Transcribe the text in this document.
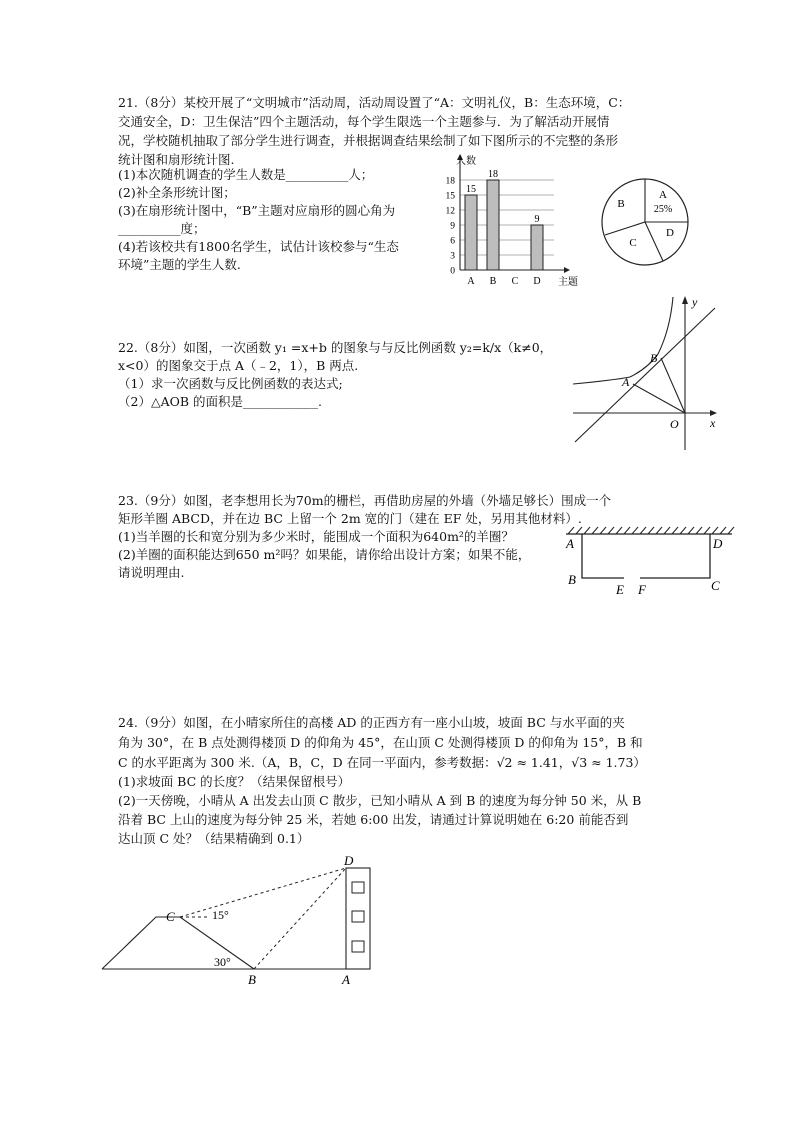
21.（8分）某校开展了“文明城市”活动周，活动周设置了“A：文明礼仪，B：生态环境，C：
交通安全，D：卫生保洁”四个主题活动，每个学生限选一个主题参与．为了解活动开展情
况，学校随机抽取了部分学生进行调查，并根据调查结果绘制了如下图所示的不完整的条形
统计图和扇形统计图.
(1)本次随机调查的学生人数是__________人；
(2)补全条形统计图；
(3)在扇形统计图中，“B”主题对应扇形的圆心角为
__________度；
(4)若该校共有1800名学生，试估计该校参与“生态
环境”主题的学生人数.	0
3
6
9
12
15
18
人数
主题
15
A
18
B C
9
D
A
25%
B
C
D
22.（8分）如图，一次函数 y₁ =x+b 的图象与与反比例函数 y₂=k/x（k≠0，
x<0）的图象交于点 A（﹣2，1），B 两点.
（1）求一次函数与反比例函数的表达式;
（2）△AOB 的面积是____________.
y
x
O
A
B
23.（9分）如图，老李想用长为70m的栅栏，再借助房屋的外墙（外墙足够长）围成一个
矩形羊圈 ABCD，并在边 BC 上留一个 2m 宽的门（建在 EF 处，另用其他材料）.
(1)当羊圈的长和宽分别为多少米时，能围成一个面积为640m²的羊圈？
(2)羊圈的面积能达到650 m²吗？如果能，请你给出设计方案；如果不能，
请说明理由.
A	D
B
E F	C
24.（9分）如图，在小晴家所住的高楼 AD 的正西方有一座小山坡，坡面 BC 与水平面的夹
角为 30°，在 B 点处测得楼顶 D 的仰角为 45°，在山顶 C 处测得楼顶 D 的仰角为 15°，B 和
C 的水平距离为 300 米.（A，B，C，D 在同一平面内，参考数据：√2 ≈ 1.41，√3 ≈ 1.73）
(1)求坡面 BC 的长度？（结果保留根号）
(2)一天傍晚，小晴从 A 出发去山顶 C 散步，已知小晴从 A 到 B 的速度为每分钟 50 米，从 B
沿着 BC 上山的速度为每分钟 25 米，若她 6:00 出发，请通过计算说明她在 6:20 前能否到
达山顶 C 处？（结果精确到 0.1）
D
C	15°
30°
B	A
